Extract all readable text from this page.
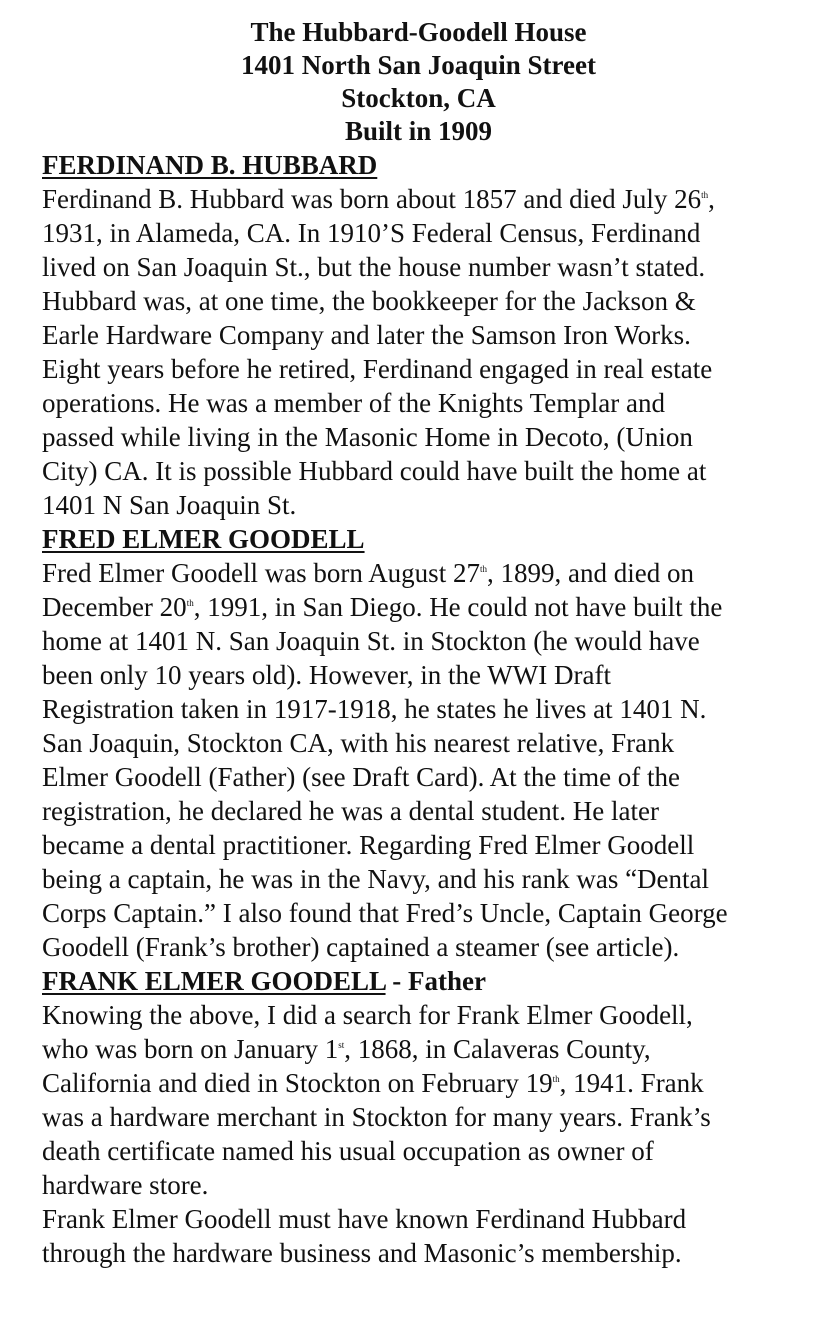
The Hubbard-Goodell House
1401 North San Joaquin Street
Stockton, CA
Built in 1909
FERDINAND B. HUBBARD
Ferdinand B. Hubbard was born about 1857 and died July 26th,
1931, in Alameda, CA. In 1910’S Federal Census, Ferdinand
lived on San Joaquin St., but the house number wasn’t stated.
Hubbard was, at one time, the bookkeeper for the Jackson &
Earle Hardware Company and later the Samson Iron Works.
Eight years before he retired, Ferdinand engaged in real estate
operations. He was a member of the Knights Templar and
passed while living in the Masonic Home in Decoto, (Union
City) CA. It is possible Hubbard could have built the home at
1401 N San Joaquin St.
FRED ELMER GOODELL
Fred Elmer Goodell was born August 27th, 1899, and died on
December 20th, 1991, in San Diego. He could not have built the
home at 1401 N. San Joaquin St. in Stockton (he would have
been only 10 years old). However, in the WWI Draft
Registration taken in 1917-1918, he states he lives at 1401 N.
San Joaquin, Stockton CA, with his nearest relative, Frank
Elmer Goodell (Father) (see Draft Card). At the time of the
registration, he declared he was a dental student. He later
became a dental practitioner. Regarding Fred Elmer Goodell
being a captain, he was in the Navy, and his rank was “Dental
Corps Captain.” I also found that Fred’s Uncle, Captain George
Goodell (Frank’s brother) captained a steamer (see article).
FRANK ELMER GOODELL - Father
Knowing the above, I did a search for Frank Elmer Goodell,
who was born on January 1st, 1868, in Calaveras County,
California and died in Stockton on February 19th, 1941. Frank
was a hardware merchant in Stockton for many years. Frank’s
death certificate named his usual occupation as owner of
hardware store.
Frank Elmer Goodell must have known Ferdinand Hubbard
through the hardware business and Masonic’s membership.
